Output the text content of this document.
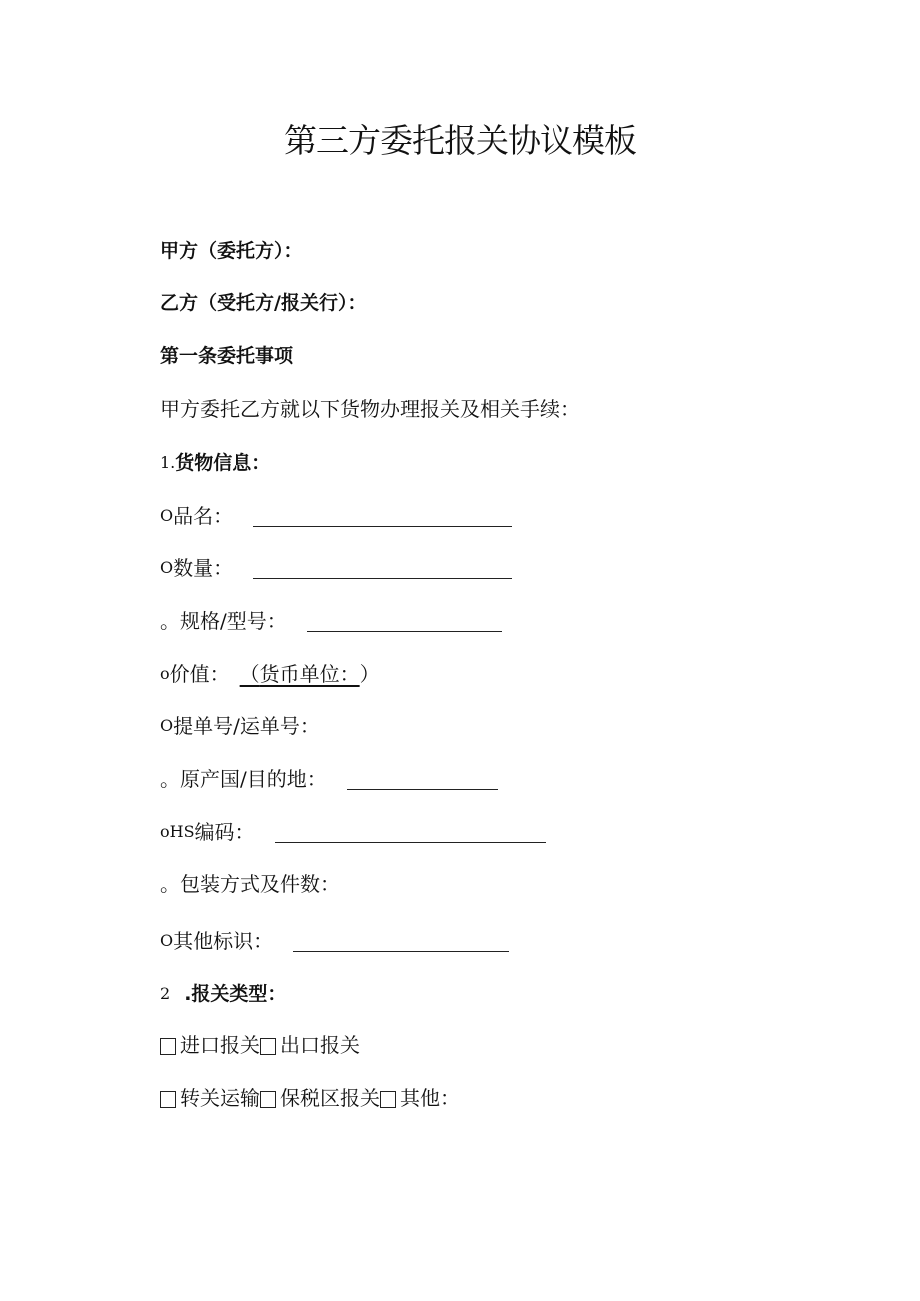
第三方委托报关协议模板
甲方（委托方）：
乙方（受托方/报关行）：
第一条委托事项
甲方委托乙方就以下货物办理报关及相关手续：
1. 货物信息：
O 品名：
O 数量：
。 规格/型号：
o 价值： （ 货币单位： ）
O 提单号/运单号：
。 原产国/目的地：
oHS 编码：
。 包装方式及件数：
O 其他标识：
2 .报关类型：
进口报关 出口报关
转关运输 保税区报关 其他：
